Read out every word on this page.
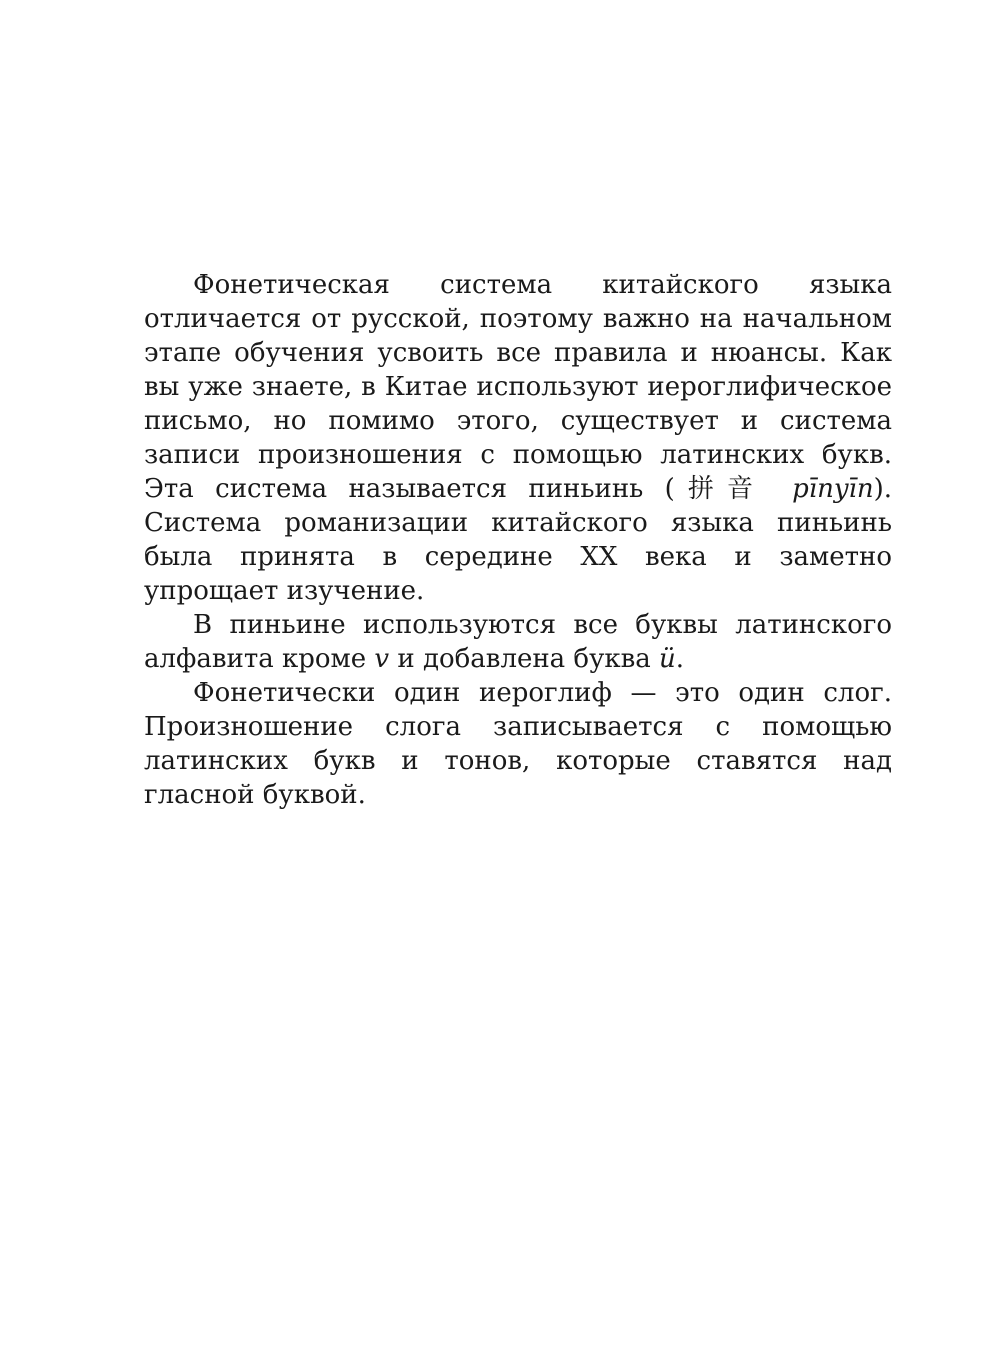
Фонетическая система китайского языка отличается от русской, поэтому важно на начальном этапе обучения усвоить все правила и нюансы. Как вы уже знаете, в Китае используют иероглифическое письмо, но помимо этого, существует и система записи произношения с помощью латинских букв. Эта система называется пиньинь (拼音 pīnyīn). Система романизации китайского языка пиньинь была принята в середине XX века и заметно упрощает изучение.

В пиньине используются все буквы латинского алфавита кроме v и добавлена буква ü.

Фонетически один иероглиф — это один слог. Произношение слога записывается с помощью латинских букв и тонов, которые ставятся над гласной буквой.
